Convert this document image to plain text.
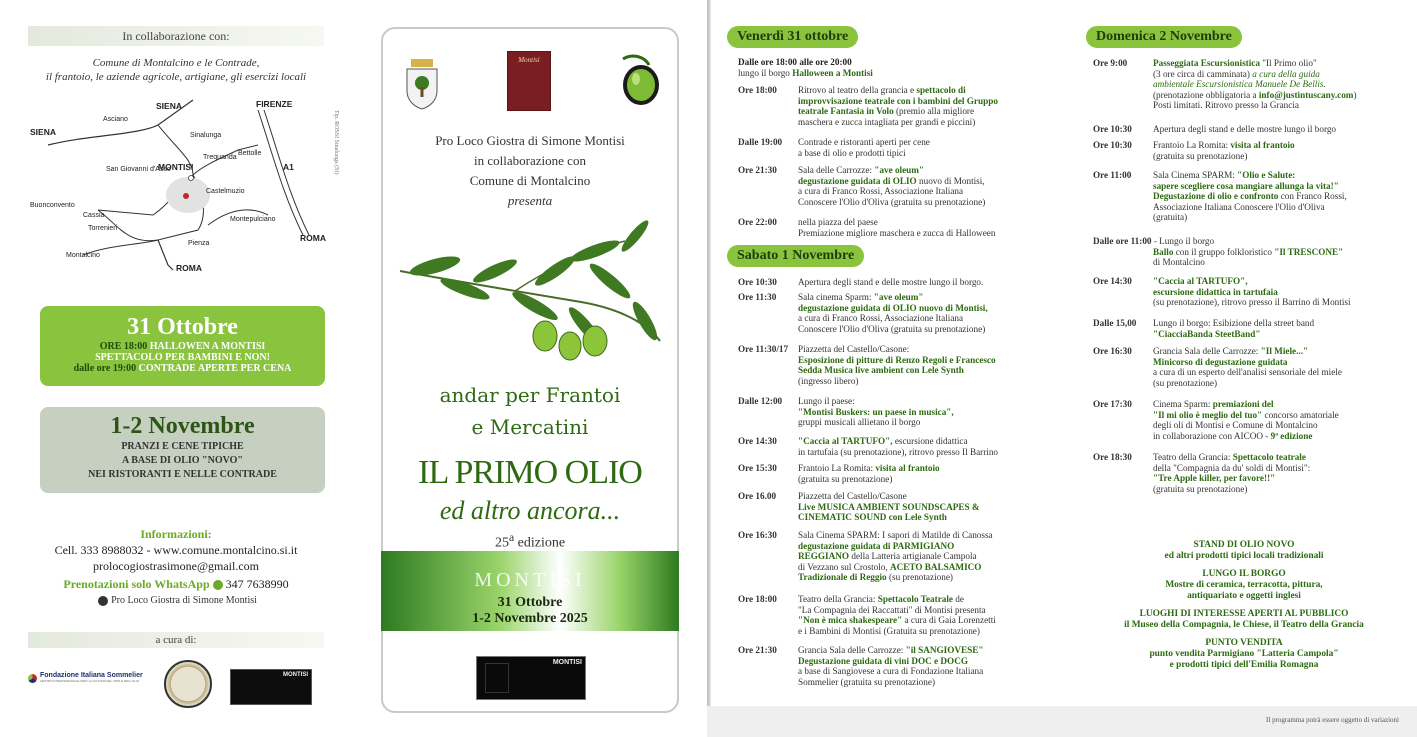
In collaborazione con:
Comune di Montalcino e le Contrade,
il frantoio, le aziende agricole, artigiane, gli esercizi locali
SIENA
SIENA	FIRENZE
Asciano
Sinalunga
Bettolle
Trequanda
San Giovanni d'Asso
MONTISI	A1
Castelmuzio
Buonconvento
Torrenieri
Cassia
Pienza
Montepulciano
Montalcino
ROMA
ROMA
Tip. ROSSI Sinalunga (SI)
31 Ottobre
ORE 18:00 HALLOWEN A MONTISI
SPETTACOLO PER BAMBINI E NON!
dalle ore 19:00 CONTRADE APERTE PER CENA
1-2 Novembre
PRANZI E CENE TIPICHE
A BASE DI OLIO "NOVO"
NEI RISTORANTI E NELLE CONTRADE
Informazioni:
Cell. 333 8988032 - www.comune.montalcino.si.it
prolocogiostrasimone@gmail.com
Prenotazioni solo WhatsApp 347 7638990
Pro Loco Giostra di Simone Montisi
a cura di:
Fondazione Italiana Sommelier
CENTRO INTERNAZIONALE PER LA CULTURA DEL VINO E DELL'OLIO
MONTISI
Montisi
Pro Loco Giostra di Simone Montisi
in collaborazione con
Comune di Montalcino
presenta
andar per Frantoi
e Mercatini
IL PRIMO OLIO
ed altro ancora...
25$^a$ edizione
MONTISI
31 Ottobre
1-2 Novembre 2025
MONTISI
Il programma potrà essere oggetto di variazioni
Venerdì 31 ottobre
Dalle ore 18:00 alle ore 20:00
lungo il borgo Halloween a Montisi
Ore 18:00	Ritrovo al teatro della grancia e spettacolo di
improvvisazione teatrale con i bambini del Gruppo
teatrale Fantasia in Volo (premio alla migliore
maschera e zucca intagliata per grandi e piccini)
Dalle 19:00	Contrade e ristoranti aperti per cene
a base di olio e prodotti tipici
Ore 21:30	Sala delle Carrozze: "ave oleum"
degustazione guidata di OLIO nuovo di Montisi,
a cura di Franco Rossi, Associazione Italiana
Conoscere l'Olio d'Oliva (gratuita su prenotazione)
Ore 22:00	nella piazza del paese
Premiazione migliore maschera e zucca di Halloween
Sabato 1 Novembre
Ore 10:30	Apertura degli stand e delle mostre lungo il borgo.
Ore 11:30	Sala cinema Sparm: "ave oleum"
degustazione guidata di OLIO nuovo di Montisi,
a cura di Franco Rossi, Associazione Italiana
Conoscere l'Olio d'Oliva (gratuita su prenotazione)
Ore 11:30/17	Piazzetta del Castello/Casone:
Esposizione di pitture di Renzo Regoli e Francesco
Sedda Musica live ambient con Lele Synth
(ingresso libero)
Dalle 12:00	Lungo il paese:
"Montisi Buskers: un paese in musica",
gruppi musicali allietano il borgo
Ore 14:30	"Caccia al TARTUFO", escursione didattica
in tartufaia (su prenotazione), ritrovo presso Il Barrino
Ore 15:30	Frantoio La Romita: visita al frantoio
(gratuita su prenotazione)
Ore 16.00	Piazzetta del Castello/Casone
Live MUSICA AMBIENT SOUNDSCAPES &
CINEMATIC SOUND con Lele Synth
Ore 16:30	Sala Cinema SPARM: I sapori di Matilde di Canossa
degustazione guidata di PARMIGIANO
REGGIANO della Latteria artigianale Campola
di Vezzano sul Crostolo, ACETO BALSAMICO
Tradizionale di Reggio (su prenotazione)
Ore 18:00	Teatro della Grancia: Spettacolo Teatrale de
"La Compagnia dei Raccattati" di Montisi presenta
"Non è mica shakespeare" a cura di Gaia Lorenzetti
e i Bambini di Montisi (Gratuita su prenotazione)
Ore 21:30	Grancia Sala delle Carrozze: "il SANGIOVESE"
Degustazione guidata di vini DOC e DOCG
a base di Sangiovese a cura di Fondazione Italiana
Sommelier (gratuita su prenotazione)
Domenica 2 Novembre
Ore 9:00	Passeggiata Escursionistica "Il Primo olio"
(3 ore circa di camminata) a cura della guida
ambientale Escursionistica Manuele De Bellis.
(prenotazione obbligatoria a info@justintuscany.com)
Posti limitati. Ritrovo presso la Grancia
Ore 10:30	Apertura degli stand e delle mostre lungo il borgo
Ore 10:30	Frantoio La Romita: visita al frantoio
(gratuita su prenotazione)
Ore 11:00	Sala Cinema SPARM: "Olio e Salute:
sapere scegliere cosa mangiare allunga la vita!"
Degustazione di olio e confronto con Franco Rossi,
Associazione Italiana Conoscere l'Olio d'Oliva
(gratuita)
Dalle ore 11:00 - Lungo il borgo
Ballo con il gruppo folkloristico "Il TRESCONE"
di Montalcino
Ore 14:30	"Caccia al TARTUFO",
escursione didattica in tartufaia
(su prenotazione), ritrovo presso il Barrino di Montisi
Dalle 15,00	Lungo il borgo: Esibizione della street band
"CiacciaBanda SteetBand"
Ore 16:30	Grancia Sala delle Carrozze: "Il Miele..."
Minicorso di degustazione guidata
a cura di un esperto dell'analisi sensoriale del miele
(su prenotazione)
Ore 17:30	Cinema Sparm: premiazioni del
"Il mi olio è meglio del tuo" concorso amatoriale
degli oli di Montisi e Comune di Montalcino
in collaborazione con AICOO - 9ª edizione
Ore 18:30	Teatro della Grancia: Spettacolo teatrale
della "Compagnia da du' soldi di Montisi":
"Tre Apple killer, per favore!!"
(gratuita su prenotazione)
STAND DI OLIO NOVO
ed altri prodotti tipici locali tradizionali
LUNGO IL BORGO
Mostre di ceramica, terracotta, pittura,
antiquariato e oggetti inglesi
LUOGHI DI INTERESSE APERTI AL PUBBLICO
il Museo della Compagnia, le Chiese, il Teatro della Grancia
PUNTO VENDITA
punto vendita Parmigiano "Latteria Campola"
e prodotti tipici dell'Emilia Romagna
